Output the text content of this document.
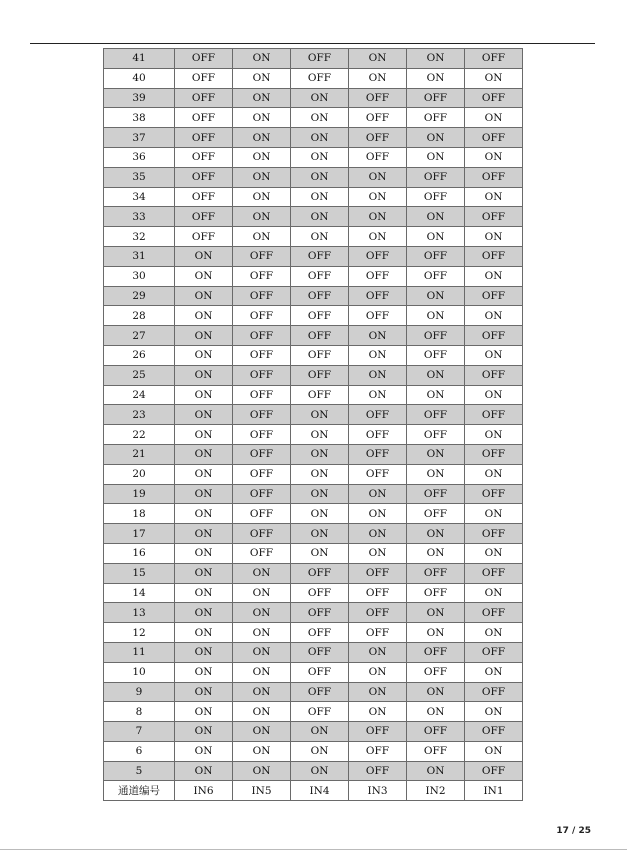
41	OFF	ON	OFF	ON	ON	OFF
40	OFF	ON	OFF	ON	ON	ON
39	OFF	ON	ON	OFF	OFF	OFF
38	OFF	ON	ON	OFF	OFF	ON
37	OFF	ON	ON	OFF	ON	OFF
36	OFF	ON	ON	OFF	ON	ON
35	OFF	ON	ON	ON	OFF	OFF
34	OFF	ON	ON	ON	OFF	ON
33	OFF	ON	ON	ON	ON	OFF
32	OFF	ON	ON	ON	ON	ON
31	ON	OFF	OFF	OFF	OFF	OFF
30	ON	OFF	OFF	OFF	OFF	ON
29	ON	OFF	OFF	OFF	ON	OFF
28	ON	OFF	OFF	OFF	ON	ON
27	ON	OFF	OFF	ON	OFF	OFF
26	ON	OFF	OFF	ON	OFF	ON
25	ON	OFF	OFF	ON	ON	OFF
24	ON	OFF	OFF	ON	ON	ON
23	ON	OFF	ON	OFF	OFF	OFF
22	ON	OFF	ON	OFF	OFF	ON
21	ON	OFF	ON	OFF	ON	OFF
20	ON	OFF	ON	OFF	ON	ON
19	ON	OFF	ON	ON	OFF	OFF
18	ON	OFF	ON	ON	OFF	ON
17	ON	OFF	ON	ON	ON	OFF
16	ON	OFF	ON	ON	ON	ON
15	ON	ON	OFF	OFF	OFF	OFF
14	ON	ON	OFF	OFF	OFF	ON
13	ON	ON	OFF	OFF	ON	OFF
12	ON	ON	OFF	OFF	ON	ON
11	ON	ON	OFF	ON	OFF	OFF
10	ON	ON	OFF	ON	OFF	ON
9	ON	ON	OFF	ON	ON	OFF
8	ON	ON	OFF	ON	ON	ON
7	ON	ON	ON	OFF	OFF	OFF
6	ON	ON	ON	OFF	OFF	ON
5	ON	ON	ON	OFF	ON	OFF
通道编号	IN6	IN5	IN4	IN3	IN2	IN1
17 / 25
